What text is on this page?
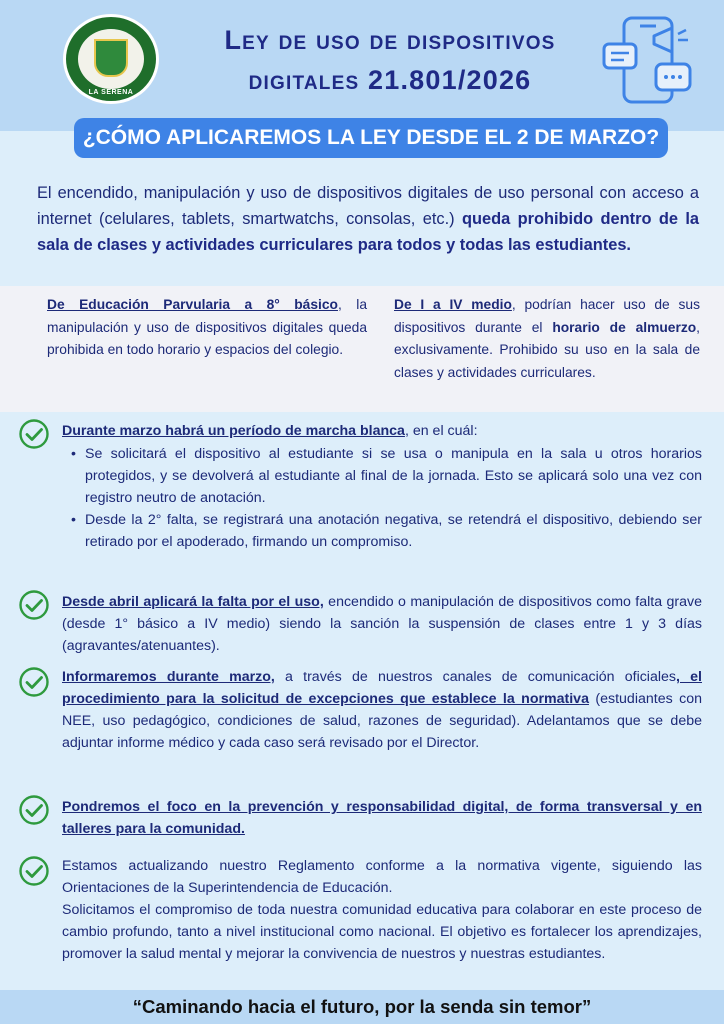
LA SERENA
Ley de uso de dispositivos
digitales 21.801/2026
¿CÓMO APLICAREMOS LA LEY DESDE EL 2 DE MARZO?

El encendido, manipulación y uso de dispositivos digitales de uso personal con acceso a internet (celulares, tablets, smartwatchs, consolas, etc.) queda prohibido dentro de la sala de clases y actividades curriculares para todos y todas las estudiantes.

De Educación Parvularia a 8° básico, la manipulación y uso de dispositivos digitales queda prohibida en todo horario y espacios del colegio.

De I a IV medio, podrían hacer uso de sus dispositivos durante el horario de almuerzo, exclusivamente. Prohibido su uso en la sala de clases y actividades curriculares.

Durante marzo habrá un período de marcha blanca, en el cuál:

• Se solicitará el dispositivo al estudiante si se usa o manipula en la sala u otros horarios protegidos, y se devolverá al estudiante al final de la jornada. Esto se aplicará solo una vez con registro neutro de anotación.
• Desde la 2° falta, se registrará una anotación negativa, se retendrá el dispositivo, debiendo ser retirado por el apoderado, firmando un compromiso.

Desde abril aplicará la falta por el uso, encendido o manipulación de dispositivos como falta grave (desde 1° básico a IV medio) siendo la sanción la suspensión de clases entre 1 y 3 días (agravantes/atenuantes).

Informaremos durante marzo, a través de nuestros canales de comunicación oficiales, el procedimiento para la solicitud de excepciones que establece la normativa (estudiantes con NEE, uso pedagógico, condiciones de salud, razones de seguridad). Adelantamos que se debe adjuntar informe médico y cada caso será revisado por el Director.

Pondremos el foco en la prevención y responsabilidad digital, de forma transversal y en talleres para la comunidad.

Estamos actualizando nuestro Reglamento conforme a la normativa vigente, siguiendo las Orientaciones de la Superintendencia de Educación.

Solicitamos el compromiso de toda nuestra comunidad educativa para colaborar en este proceso de cambio profundo, tanto a nivel institucional como nacional. El objetivo es fortalecer los aprendizajes, promover la salud mental y mejorar la convivencia de nuestros y nuestras estudiantes.

“Caminando hacia el futuro, por la senda sin temor”
